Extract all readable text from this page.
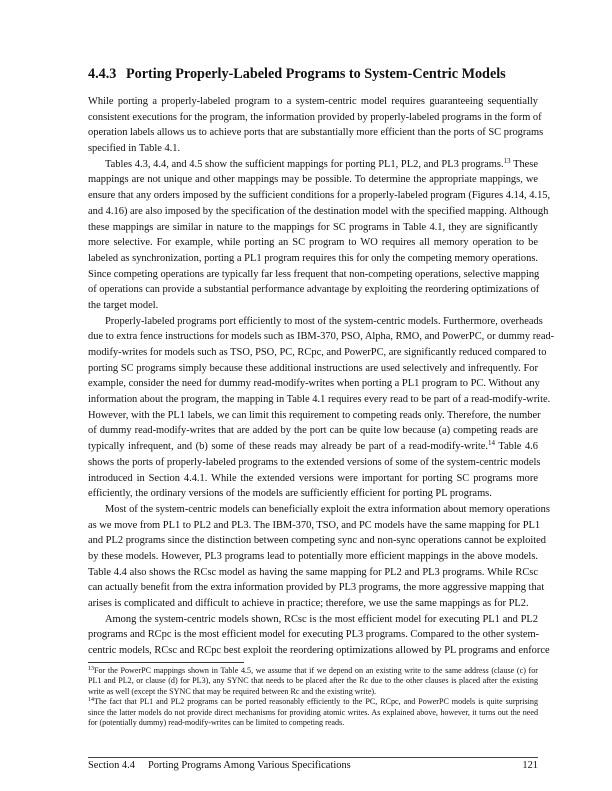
4.4.3 Porting Properly-Labeled Programs to System-Centric Models
While porting a properly-labeled program to a system-centric model requires guaranteeing sequentially
consistent executions for the program, the information provided by properly-labeled programs in the form of
operation labels allows us to achieve ports that are substantially more efficient than the ports of SC programs
specified in Table 4.1.
Tables 4.3, 4.4, and 4.5 show the sufficient mappings for porting PL1, PL2, and PL3 programs.$^{13}$ These
mappings are not unique and other mappings may be possible. To determine the appropriate mappings, we
ensure that any orders imposed by the sufficient conditions for a properly-labeled program (Figures 4.14, 4.15,
and 4.16) are also imposed by the specification of the destination model with the specified mapping. Although
these mappings are similar in nature to the mappings for SC programs in Table 4.1, they are significantly
more selective. For example, while porting an SC program to WO requires all memory operation to be
labeled as synchronization, porting a PL1 program requires this for only the competing memory operations.
Since competing operations are typically far less frequent that non-competing operations, selective mapping
of operations can provide a substantial performance advantage by exploiting the reordering optimizations of
the target model.
Properly-labeled programs port efficiently to most of the system-centric models. Furthermore, overheads
due to extra fence instructions for models such as IBM-370, PSO, Alpha, RMO, and PowerPC, or dummy read-
modify-writes for models such as TSO, PSO, PC, RCpc, and PowerPC, are significantly reduced compared to
porting SC programs simply because these additional instructions are used selectively and infrequently. For
example, consider the need for dummy read-modify-writes when porting a PL1 program to PC. Without any
information about the program, the mapping in Table 4.1 requires every read to be part of a read-modify-write.
However, with the PL1 labels, we can limit this requirement to competing reads only. Therefore, the number
of dummy read-modify-writes that are added by the port can be quite low because (a) competing reads are
typically infrequent, and (b) some of these reads may already be part of a read-modify-write.$^{14}$ Table 4.6
shows the ports of properly-labeled programs to the extended versions of some of the system-centric models
introduced in Section 4.4.1. While the extended versions were important for porting SC programs more
efficiently, the ordinary versions of the models are sufficiently efficient for porting PL programs.
Most of the system-centric models can beneficially exploit the extra information about memory operations
as we move from PL1 to PL2 and PL3. The IBM-370, TSO, and PC models have the same mapping for PL1
and PL2 programs since the distinction between competing sync and non-sync operations cannot be exploited
by these models. However, PL3 programs lead to potentially more efficient mappings in the above models.
Table 4.4 also shows the RCsc model as having the same mapping for PL2 and PL3 programs. While RCsc
can actually benefit from the extra information provided by PL3 programs, the more aggressive mapping that
arises is complicated and difficult to achieve in practice; therefore, we use the same mappings as for PL2.
Among the system-centric models shown, RCsc is the most efficient model for executing PL1 and PL2
programs and RCpc is the most efficient model for executing PL3 programs. Compared to the other system-
centric models, RCsc and RCpc best exploit the reordering optimizations allowed by PL programs and enforce
$^{13}$For the PowerPC mappings shown in Table 4.5, we assume that if we depend on an existing write to the same address (clause (c) for
PL1 and PL2, or clause (d) for PL3), any SYNC that needs to be placed after the Rc due to the other clauses is placed after the existing
write as well (except the SYNC that may be required between Rc and the existing write).
$^{14}$The fact that PL1 and PL2 programs can be ported reasonably efficiently to the PC, RCpc, and PowerPC models is quite surprising
since the latter models do not provide direct mechanisms for providing atomic writes. As explained above, however, it turns out the need
for (potentially dummy) read-modify-writes can be limited to competing reads.
Section 4.4 Porting Programs Among Various Specifications	121
